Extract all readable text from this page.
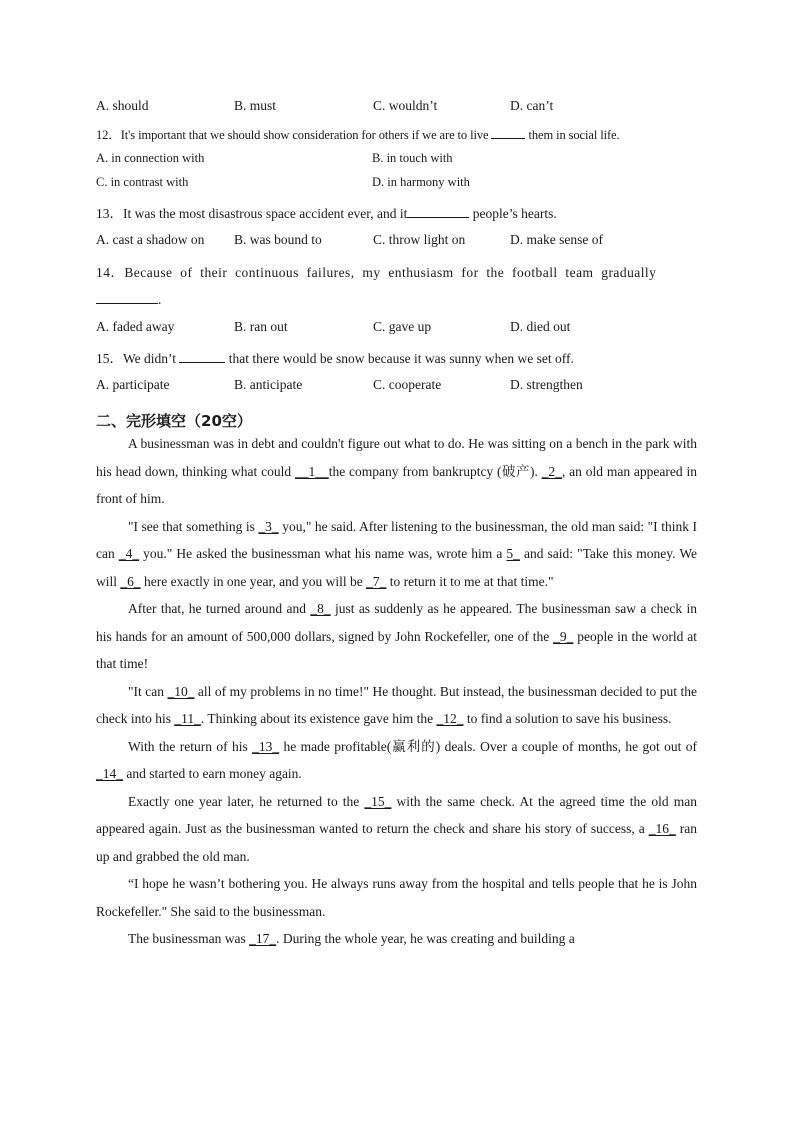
A. should	B. must	C. wouldn’t	D. can’t
12．It's important that we should show consideration for others if we are to live	them in social life.
A. in connection with	B. in touch with
C. in contrast with	D. in harmony with
13．It was the most disastrous space accident ever, and it	people’s hearts.
A. cast a shadow on B. was bound to	C. throw light on	D. make sense of
14．Because of their continuous failures, my enthusiasm for the football team gradually
.
A. faded away	B. ran out	C. gave up	D. died out
15．We didn’t	that there would be snow because it was sunny when we set off.
A. participate	B. anticipate	C. cooperate	D. strengthen
二、完形填空（20空）

A businessman was in debt and couldn't figure out what to do. He was sitting on a bench in the park with his head down, thinking what could __1__the company from bankruptcy (破产). _2_, an old man appeared in front of him.

"I see that something is _3_ you," he said. After listening to the businessman, the old man said: "I think I can _4_ you." He asked the businessman what his name was, wrote him a 5_ and said: "Take this money. We will _6_ here exactly in one year, and you will be _7_ to return it to me at that time."

After that, he turned around and _8_ just as suddenly as he appeared. The businessman saw a check in his hands for an amount of 500,000 dollars, signed by John Rockefeller, one of the _9_ people in the world at that time!

"It can _10_ all of my problems in no time!" He thought. But instead, the businessman decided to put the check into his _11_. Thinking about its existence gave him the _12_ to find a solution to save his business.

With the return of his _13_ he made profitable(赢利的) deals. Over a couple of months, he got out of _14_ and started to earn money again.

Exactly one year later, he returned to the _15_ with the same check. At the agreed time the old man appeared again. Just as the businessman wanted to return the check and share his story of success, a _16_ ran up and grabbed the old man.

“I hope he wasn’t bothering you. He always runs away from the hospital and tells people that he is John Rockefeller." She said to the businessman.

The businessman was _17_. During the whole year, he was creating and building a
